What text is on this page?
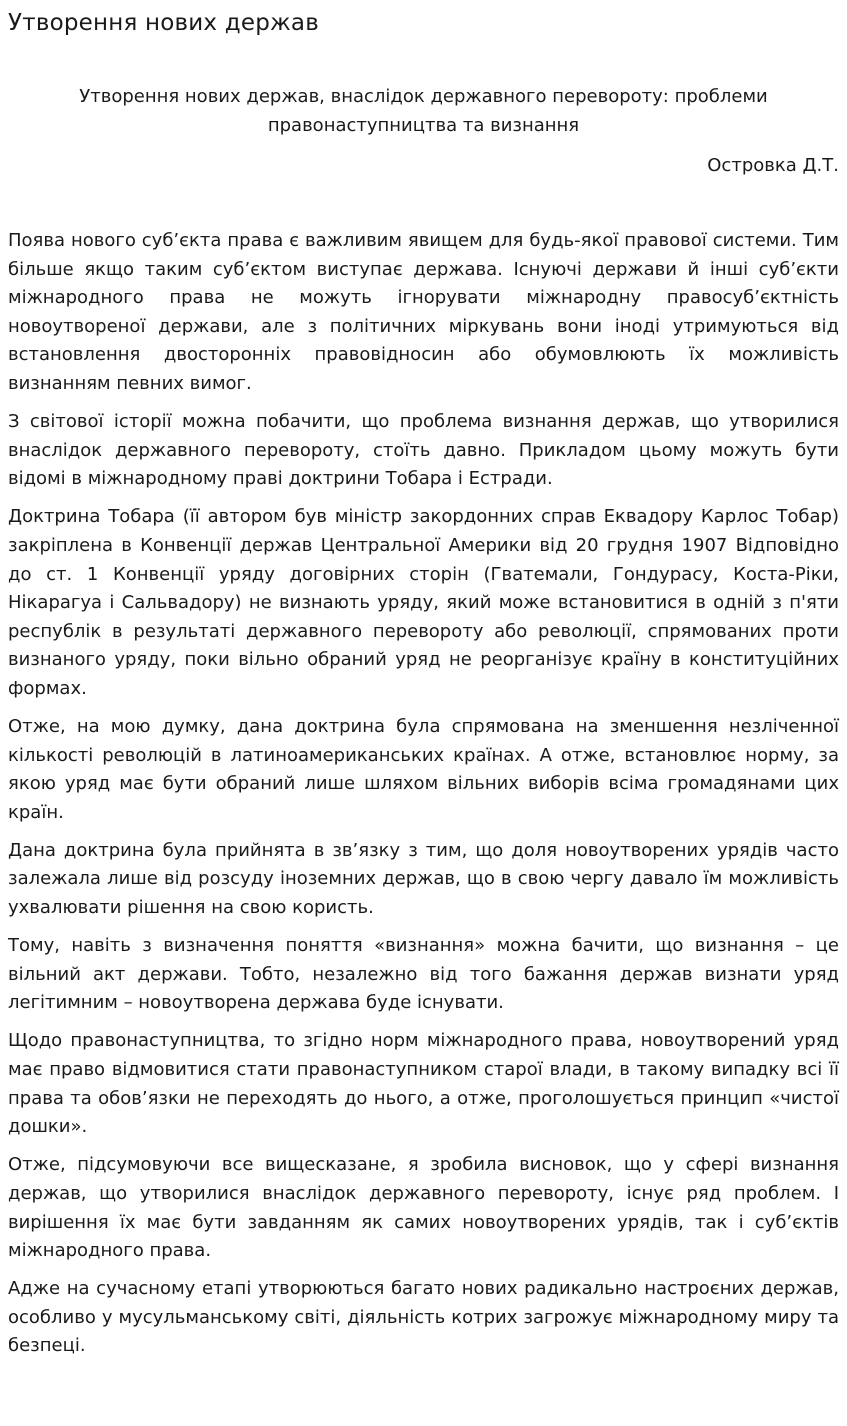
Утворення нових держав
Утворення нових держав, внаслідок державного перевороту: проблеми правонаступництва та визнання
Островка Д.Т.

Поява нового суб’єкта права є важливим явищем для будь-якої правової системи. Тим більше якщо таким суб’єктом виступає держава. Існуючі держави й інші суб’єкти міжнародного права не можуть ігнорувати міжнародну правосуб’єктність новоутвореної держави, але з політичних міркувань вони іноді утримуються від встановлення двосторонніх правовідносин або обумовлюють їх можливість визнанням певних вимог.

З світової історії можна побачити, що проблема визнання держав, що утворилися внаслідок державного перевороту, стоїть давно. Прикладом цьому можуть бути відомі в міжнародному праві доктрини Тобара і Естради.

Доктрина Тобара (її автором був міністр закордонних справ Еквадору Карлос Тобар) закріплена в Конвенції держав Центральної Америки від 20 грудня 1907 Відповідно до ст. 1 Конвенції уряду договірних сторін (Гватемали, Гондурасу, Коста-Ріки, Нікарагуа і Сальвадору) не визнають уряду, який може встановитися в одній з п'яти республік в результаті державного перевороту або революції, спрямованих проти визнаного уряду, поки вільно обраний уряд не реорганізує країну в конституційних формах.

Отже, на мою думку, дана доктрина була спрямована на зменшення незліченної кількості революцій в латиноамериканських країнах. А отже, встановлює норму, за якою уряд має бути обраний лише шляхом вільних виборів всіма громадянами цих країн.

Дана доктрина була прийнята в зв’язку з тим, що доля новоутворених урядів часто залежала лише від розсуду іноземних держав, що в свою чергу давало їм можливість ухвалювати рішення на свою користь.

Тому, навіть з визначення поняття «визнання» можна бачити, що визнання – це вільний акт держави. Тобто, незалежно від того бажання держав визнати уряд легітимним – новоутворена держава буде існувати.

Щодо правонаступництва, то згідно норм міжнародного права, новоутворений уряд має право відмовитися стати правонаступником старої влади, в такому випадку всі її права та обов’язки не переходять до нього, а отже, проголошується принцип «чистої дошки».

Отже, підсумовуючи все вищесказане, я зробила висновок, що у сфері визнання держав, що утворилися внаслідок державного перевороту, існує ряд проблем. І вирішення їх має бути завданням як самих новоутворених урядів, так і суб’єктів міжнародного права.

Адже на сучасному етапі утворюються багато нових радикально настроєних держав, особливо у мусульманському світі, діяльність котрих загрожує міжнародному миру та безпеці.
